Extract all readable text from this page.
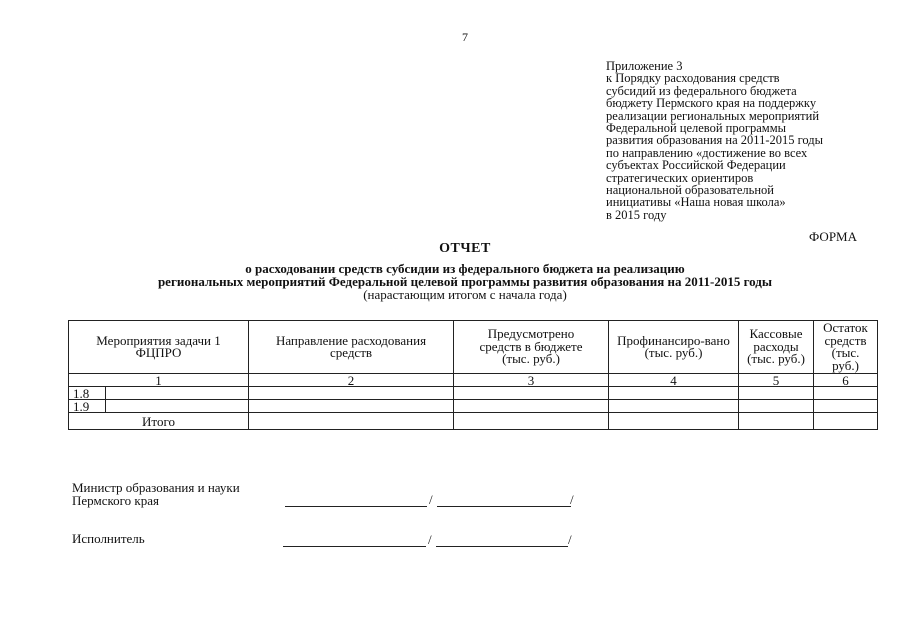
7
Приложение 3
к Порядку расходования средств
субсидий из федерального бюджета
бюджету Пермского края на поддержку
реализации региональных мероприятий
Федеральной целевой программы
развития образования на 2011-2015 годы
по направлению «достижение во всех
субъектах Российской Федерации
стратегических ориентиров
национальной образовательной
инициативы «Наша новая школа»
в 2015 году
ФОРМА
ОТЧЕТ
о расходовании средств субсидии из федерального бюджета на реализацию
региональных мероприятий Федеральной целевой программы развития образования на 2011-2015 годы
(нарастающим итогом с начала года)
Мероприятия задачи 1 ФЦПРО		Направление расходования средств	Предусмотрено средств в бюджете (тыс. руб.)	Профинансиро-вано (тыс. руб.)	Кассовые расходы (тыс. руб.)	Остаток средств (тыс. руб.)
1		2	3	4	5	6
1.8						
1.9						
Итого						
Министр образования и науки
Пермского края	/	/
Исполнитель	/	/
